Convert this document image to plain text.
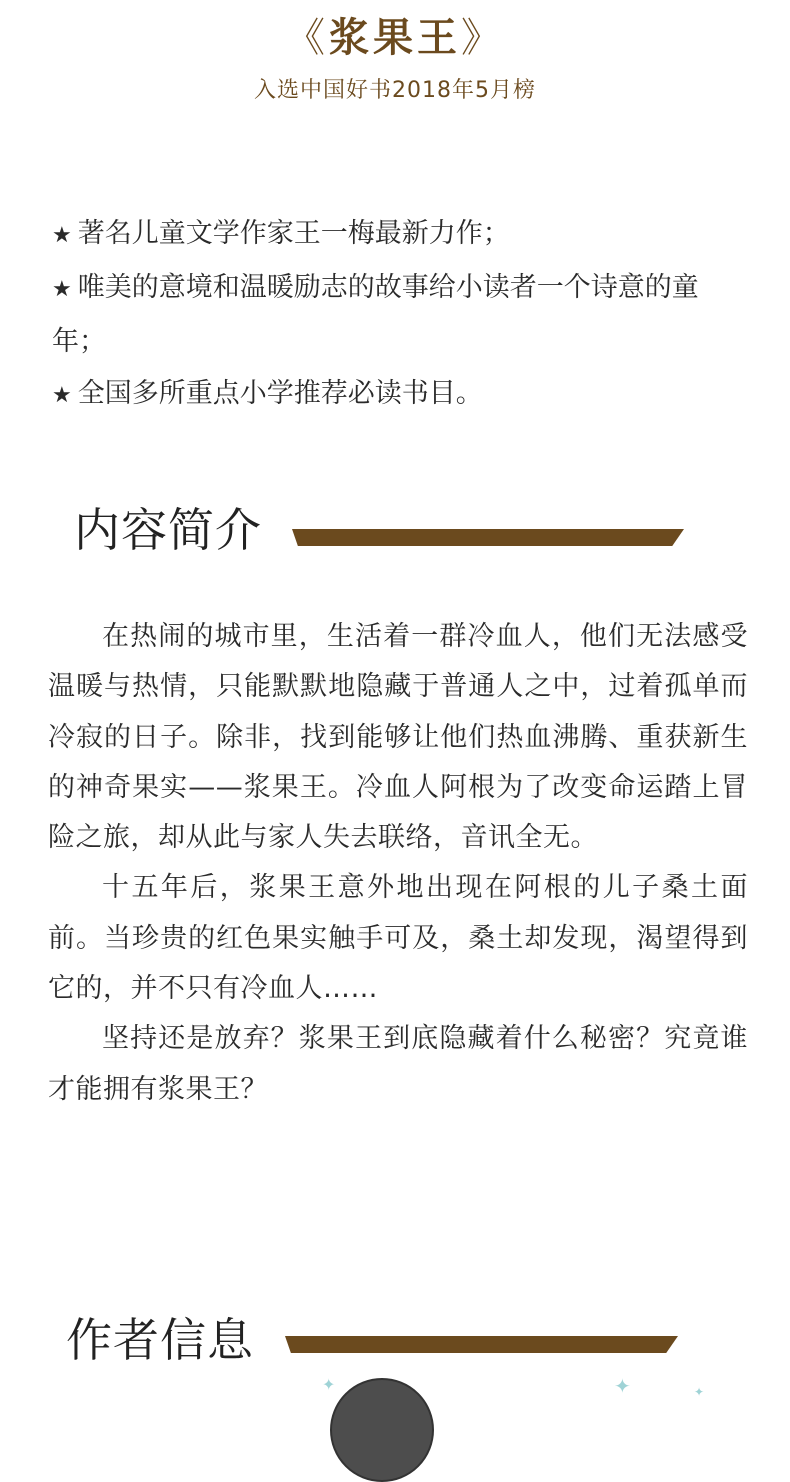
《浆果王》
入选中国好书2018年5月榜
★ 著名儿童文学作家王一梅最新力作；
★ 唯美的意境和温暖励志的故事给小读者一个诗意的童年；
★ 全国多所重点小学推荐必读书目。
内容简介

在热闹的城市里，生活着一群冷血人，他们无法感受温暖与热情，只能默默地隐藏于普通人之中，过着孤单而冷寂的日子。除非，找到能够让他们热血沸腾、重获新生的神奇果实——浆果王。冷血人阿根为了改变命运踏上冒险之旅，却从此与家人失去联络，音讯全无。

十五年后，浆果王意外地出现在阿根的儿子桑土面前。当珍贵的红色果实触手可及，桑土却发现，渴望得到它的，并不只有冷血人……

坚持还是放弃？浆果王到底隐藏着什么秘密？究竟谁才能拥有浆果王？

作者信息
✦	✦	✦
